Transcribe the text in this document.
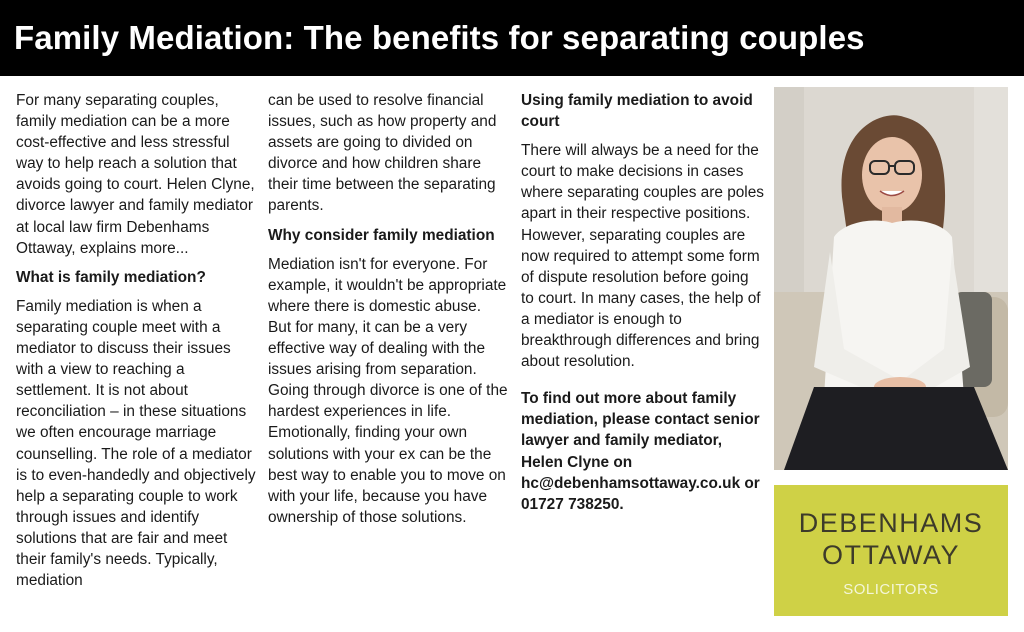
Family Mediation: The benefits for separating couples

For many separating couples, family mediation can be a more cost-effective and less stressful way to help reach a solution that avoids going to court. Helen Clyne, divorce lawyer and family mediator at local law firm Debenhams Ottaway, explains more...

What is family mediation?

Family mediation is when a separating couple meet with a mediator to discuss their issues with a view to reaching a settlement. It is not about reconciliation – in these situations we often encourage marriage counselling. The role of a mediator is to even-handedly and objectively help a separating couple to work through issues and identify solutions that are fair and meet their family's needs. Typically, mediation

can be used to resolve financial issues, such as how property and assets are going to divided on divorce and how children share their time between the separating parents.

Why consider family mediation

Mediation isn't for everyone. For example, it wouldn't be appropriate where there is domestic abuse. But for many, it can be a very effective way of dealing with the issues arising from separation. Going through divorce is one of the hardest experiences in life. Emotionally, finding your own solutions with your ex can be the best way to enable you to move on with your life, because you have ownership of those solutions.

Using family mediation to avoid court

There will always be a need for the court to make decisions in cases where separating couples are poles apart in their respective positions. However, separating couples are now required to attempt some form of dispute resolution before going to court. In many cases, the help of a mediator is enough to breakthrough differences and bring about resolution.

To find out more about family mediation, please contact senior lawyer and family mediator, Helen Clyne on hc@debenhamsottaway.co.uk or 01727 738250.

DEBENHAMS
OTTAWAY
SOLICITORS
